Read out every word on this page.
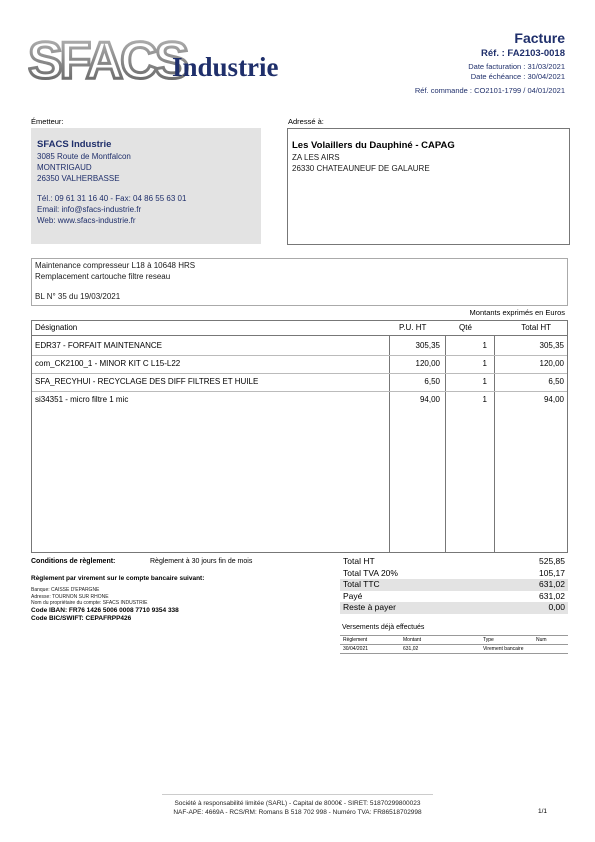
SFACS
Industrie
Facture
Réf. : FA2103-0018
Date facturation : 31/03/2021
Date échéance : 30/04/2021
Réf. commande : CO2101-1799 / 04/01/2021
Émetteur:	Adressé à:
SFACS Industrie
3085 Route de Montfalcon
MONTRIGAUD
26350 VALHERBASSE
Tél.: 09 61 31 16 40 - Fax: 04 86 55 63 01
Email: info@sfacs-industrie.fr
Web: www.sfacs-industrie.fr
Les Volaillers du Dauphiné - CAPAG
ZA LES AIRS
26330 CHATEAUNEUF DE GALAURE
Maintenance compresseur L18 à 10648 HRS
Remplacement cartouche filtre reseau
BL N° 35 du 19/03/2021
Montants exprimés en Euros
Désignation	P.U. HT	Qté	Total HT
EDR37 - FORFAIT MAINTENANCE	305,35	1	305,35
com_CK2100_1 - MINOR KIT C L15-L22	120,00	1	120,00
SFA_RECYHUI - RECYCLAGE DES DIFF FILTRES ET HUILE	6,50	1	6,50
si34351 - micro filtre 1 mic	94,00	1	94,00
Conditions de règlement:	Règlement à 30 jours fin de mois
Règlement par virement sur le compte bancaire suivant:
Banque: CAISSE D'EPARGNE
Adresse: TOURNON SUR RHONE
Nom du propriétaire du compte: SFACS INDUSTRIE
Code IBAN: FR76 1426 5006 0008 7710 9354 338
Code BIC/SWIFT: CEPAFRPP426
Total HT	525,85
Total TVA 20%	105,17
Total TTC	631,02
Payé	631,02
Reste à payer	0,00
Versements déjà effectués
Règlement	Montant	Type	Num
30/04/2021	631,02	Virement bancaire
Société à responsabilité limitée (SARL) - Capital de 8000€ - SIRET: 51870299800023
NAF-APE: 4669A - RCS/RM: Romans B 518 702 998 - Numéro TVA: FR86518702998	1/1
